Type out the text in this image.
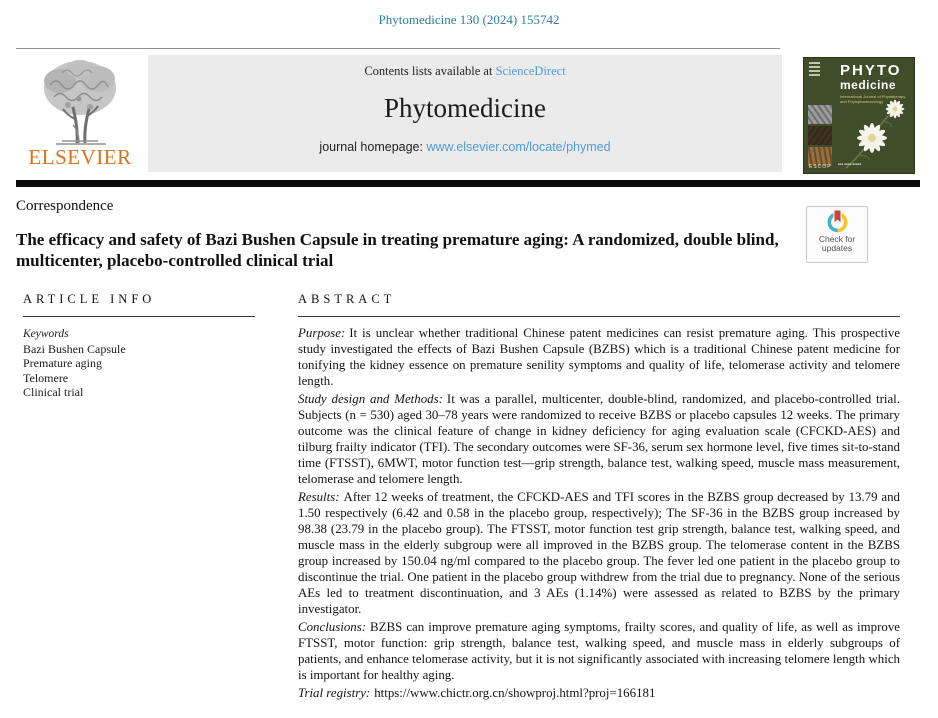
Phytomedicine 130 (2024) 155742
ELSEVIER
Contents lists available at ScienceDirect
Phytomedicine
journal homepage: www.elsevier.com/locate/phymed
PHYTO
medicine
International Journal of Phytotherapy
and Phytopharmacology
ESCOP ■■■ ■■■■ ■■■■■
Correspondence
The efficacy and safety of Bazi Bushen Capsule in treating premature aging: A randomized, double blind, multicenter, placebo-controlled clinical trial
Check for
updates
ARTICLE INFO
Keywords
Bazi Bushen Capsule
Premature aging
Telomere
Clinical trial
ABSTRACT

Purpose: It is unclear whether traditional Chinese patent medicines can resist premature aging. This prospective study investigated the effects of Bazi Bushen Capsule (BZBS) which is a traditional Chinese patent medicine for tonifying the kidney essence on premature senility symptoms and quality of life, telomerase activity and telomere length.

Study design and Methods: It was a parallel, multicenter, double-blind, randomized, and placebo-controlled trial. Subjects (n = 530) aged 30–78 years were randomized to receive BZBS or placebo capsules 12 weeks. The primary outcome was the clinical feature of change in kidney deficiency for aging evaluation scale (CFCKD-AES) and tilburg frailty indicator (TFI). The secondary outcomes were SF-36, serum sex hormone level, five times sit-to-stand time (FTSST), 6MWT, motor function test—grip strength, balance test, walking speed, muscle mass measurement, telomerase and telomere length.

Results: After 12 weeks of treatment, the CFCKD-AES and TFI scores in the BZBS group decreased by 13.79 and 1.50 respectively (6.42 and 0.58 in the placebo group, respectively); The SF-36 in the BZBS group increased by 98.38 (23.79 in the placebo group). The FTSST, motor function test grip strength, balance test, walking speed, and muscle mass in the elderly subgroup were all improved in the BZBS group. The telomerase content in the BZBS group increased by 150.04 ng/ml compared to the placebo group. The fever led one patient in the placebo group to discontinue the trial. One patient in the placebo group withdrew from the trial due to pregnancy. None of the serious AEs led to treatment discontinuation, and 3 AEs (1.14%) were assessed as related to BZBS by the primary investigator.

Conclusions: BZBS can improve premature aging symptoms, frailty scores, and quality of life, as well as improve FTSST, motor function: grip strength, balance test, walking speed, and muscle mass in elderly subgroups of patients, and enhance telomerase activity, but it is not significantly associated with increasing telomere length which is important for healthy aging.

Trial registry: https://www.chictr.org.cn/showproj.html?proj=166181
